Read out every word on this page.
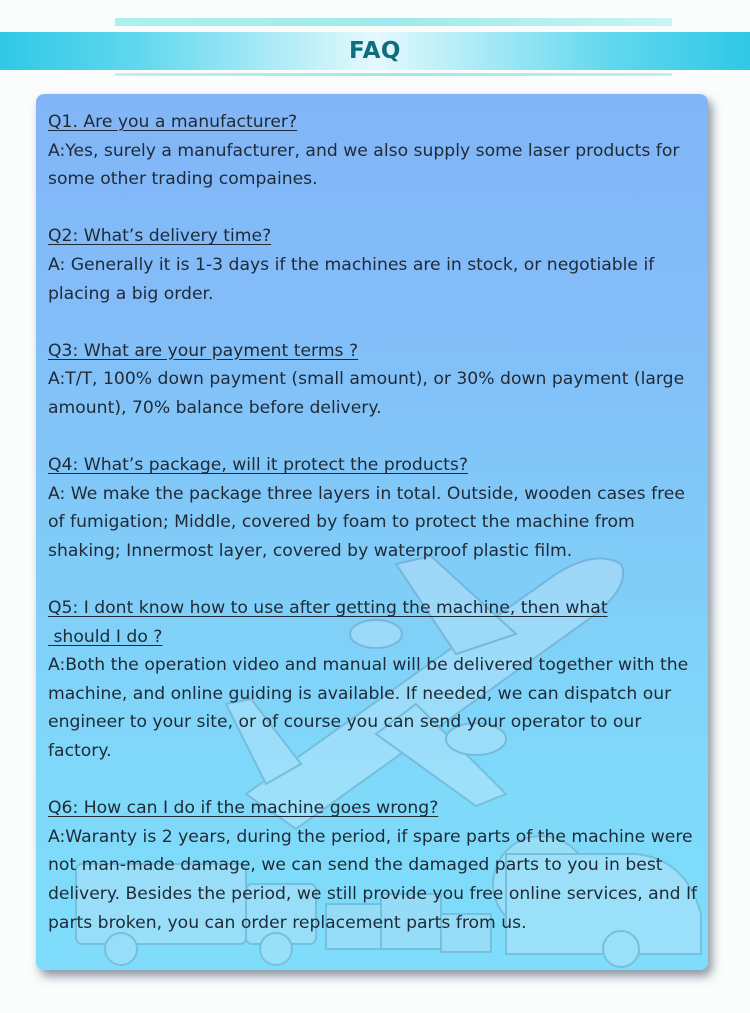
FAQ
Q1. Are you a manufacturer?
A:Yes, surely a manufacturer, and we also supply some laser products for some other trading compaines.
Q2: What’s delivery time?
A: Generally it is 1-3 days if the machines are in stock, or negotiable if placing a big order.
Q3: What are your payment terms ?
A:T/T, 100% down payment (small amount), or 30% down payment (large amount), 70% balance before delivery.
Q4: What’s package, will it protect the products?
A: We make the package three layers in total. Outside, wooden cases free of fumigation; Middle, covered by foam to protect the machine from shaking; Innermost layer, covered by waterproof plastic film.
Q5: I dont know how to use after getting the machine, then what
should I do ?
A:Both the operation video and manual will be delivered together with the machine, and online guiding is available. If needed, we can dispatch our engineer to your site, or of course you can send your operator to our factory.
Q6: How can I do if the machine goes wrong?
A:Waranty is 2 years, during the period, if spare parts of the machine were not man-made damage, we can send the damaged parts to you in best delivery. Besides the period, we still provide you free online services, and If parts broken, you can order replacement parts from us.
